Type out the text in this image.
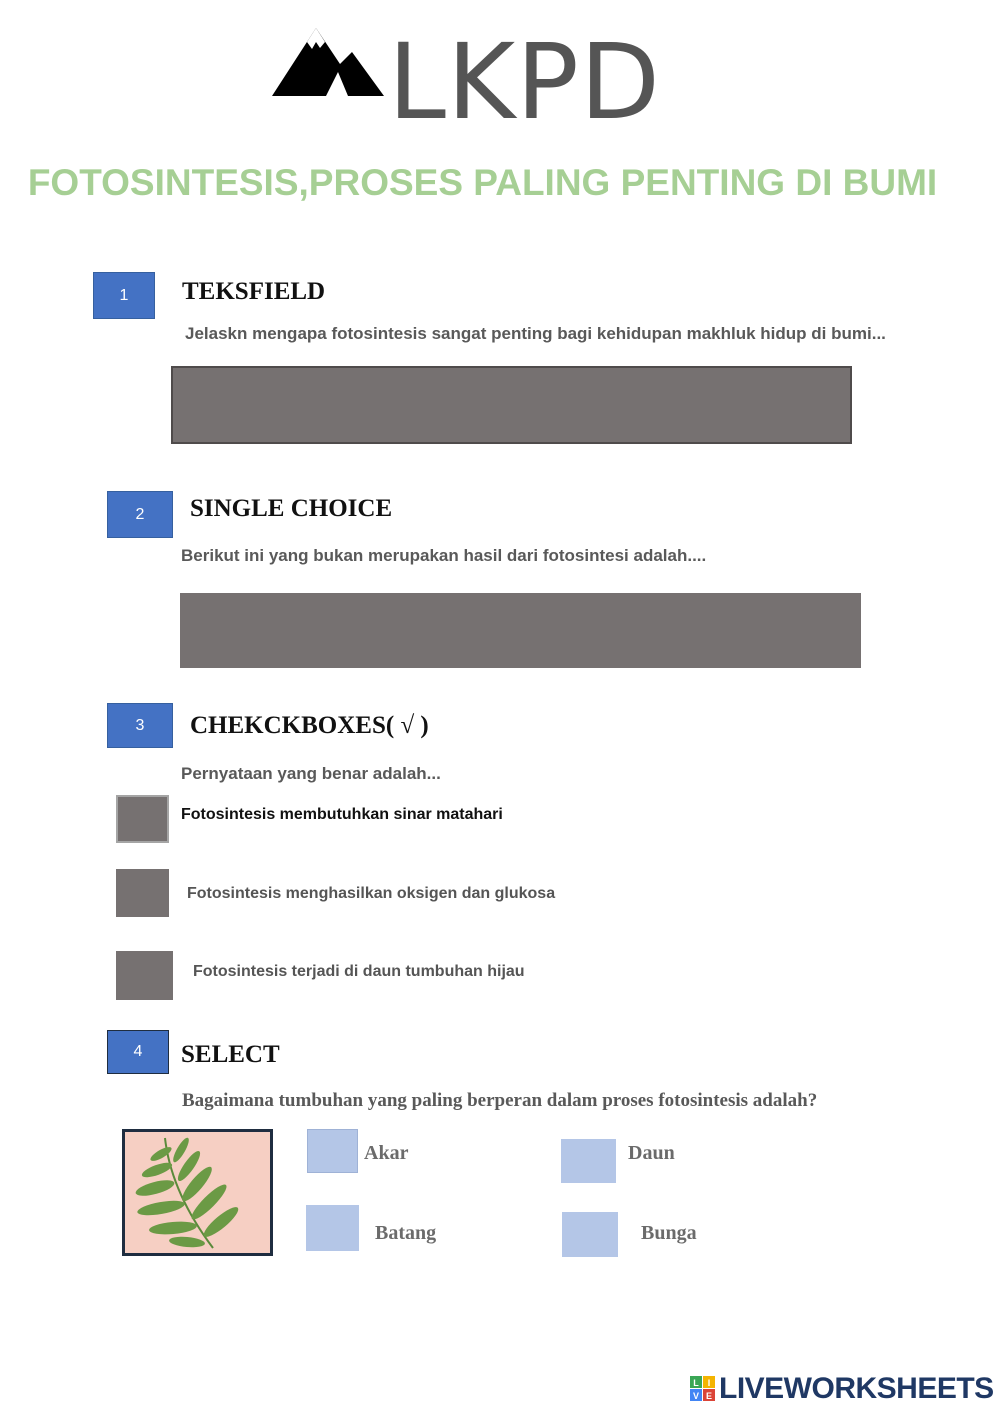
LKPD
FOTOSINTESIS,PROSES PALING PENTING DI BUMI
1	TEKSFIELD
Jelaskn mengapa fotosintesis sangat penting bagi kehidupan makhluk hidup di bumi...
2	SINGLE CHOICE
Berikut ini yang bukan merupakan hasil dari fotosintesi adalah....
3	CHEKCKBOXES( √ )
Pernyataan yang benar adalah...
Fotosintesis membutuhkan sinar matahari
Fotosintesis menghasilkan oksigen dan glukosa
Fotosintesis terjadi di daun tumbuhan hijau
4	SELECT
Bagaimana tumbuhan yang paling berperan dalam proses fotosintesis adalah?
Akar	Daun
Batang	Bunga
L I
V E LIVEWORKSHEETS
